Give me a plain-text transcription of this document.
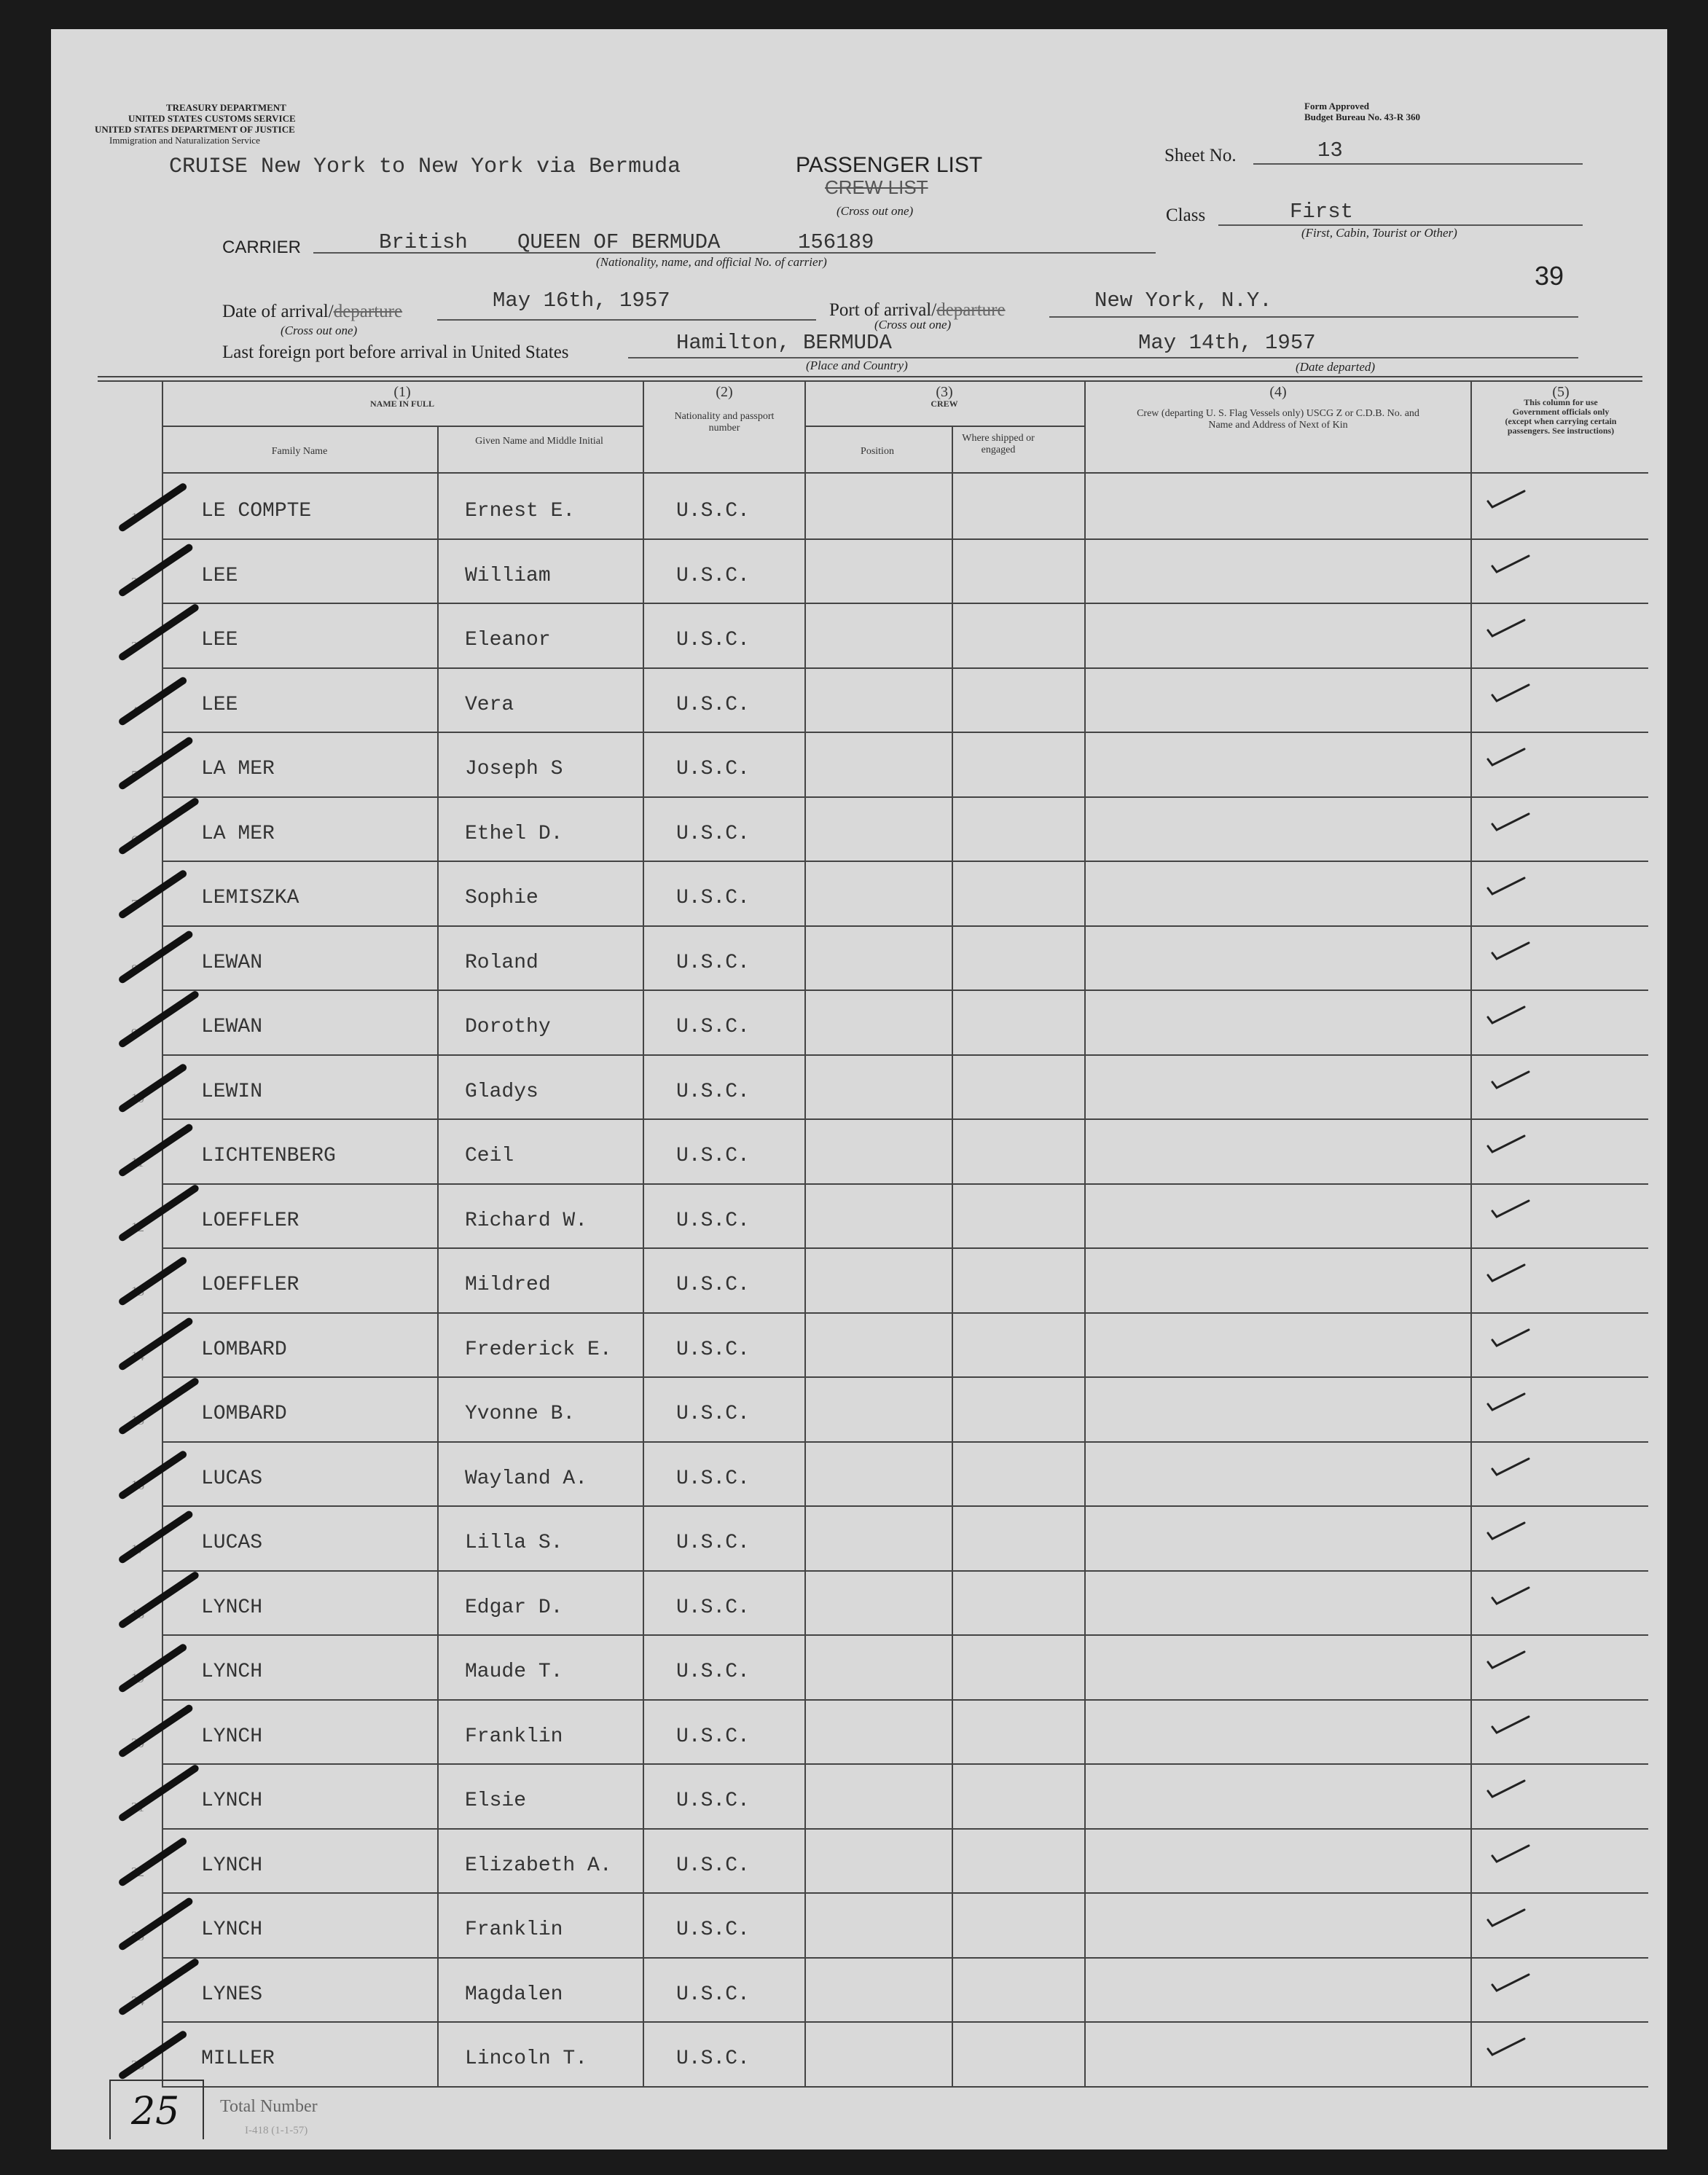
TREASURY DEPARTMENT
UNITED STATES CUSTOMS SERVICE
UNITED STATES DEPARTMENT OF JUSTICE
Immigration and Naturalization Service
Form Approved
Budget Bureau No. 43-R 360
CRUISE New York to New York via Bermuda	PASSENGER LIST
CREW LIST
(Cross out one)
Sheet No.	13
Class	First
(First, Cabin, Tourist or Other)
39
CARRIER	British QUEEN OF BERMUDA	156189
(Nationality, name, and official No. of carrier)
Date of arrival/departure
(Cross out one)
May 16th, 1957	Port of arrival/departure
(Cross out one)
New York, N.Y.
Last foreign port before arrival in United States	Hamilton, BERMUDA
(Place and Country)
May 14th, 1957
(Date departed)
(1)
NAME IN FULL
Family Name
Given Name and Middle Initial
(2)
Nationality and passport number
(3)
CREW
Position
Where shipped or engaged
(4)
Crew (departing U. S. Flag Vessels only) USCG Z or C.D.B. No. and Name and Address of Next of Kin
(5)
This column for use Government officials only (except when carrying certain passengers. See instructions)
LE COMPTE	Ernest E.	U.S.C.
LEE	William	U.S.C.
LEE	Eleanor	U.S.C.
LEE	Vera	U.S.C.
LA MER	Joseph S	U.S.C.
LA MER	Ethel D.	U.S.C.
LEMISZKA	Sophie	U.S.C.
LEWAN	Roland	U.S.C.
LEWAN	Dorothy	U.S.C.
LEWIN	Gladys	U.S.C.
LICHTENBERG	Ceil	U.S.C.
LOEFFLER	Richard W.	U.S.C.
LOEFFLER	Mildred	U.S.C.
LOMBARD	Frederick E.	U.S.C.
LOMBARD	Yvonne B.	U.S.C.
LUCAS	Wayland A.	U.S.C.
LUCAS	Lilla S.	U.S.C.
LYNCH	Edgar D.	U.S.C.
LYNCH	Maude T.	U.S.C.
LYNCH	Franklin	U.S.C.
LYNCH	Elsie	U.S.C.
LYNCH	Elizabeth A.	U.S.C.
LYNCH	Franklin	U.S.C.
LYNES	Magdalen	U.S.C.
MILLER	Lincoln T.	U.S.C.
25 Total Number
I-418 (1-1-57)
